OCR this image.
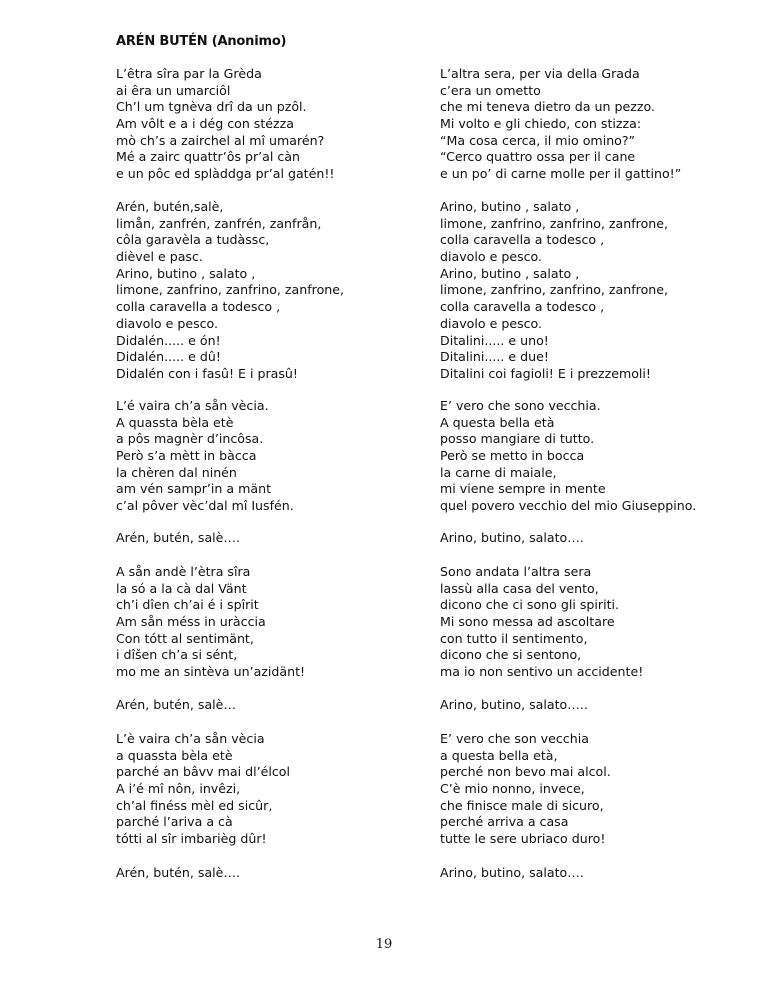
ARÉN BUTÉN (Anonimo)
L’êtra sîra par la Grèda
ai êra un umarciôl
Ch’l um tgnèva drî da un pzôl.
Am vôlt e a i dég con stézza
mò ch’s a zairchel al mî umarén?
Mé a zairc quattr’ôs pr’al càn
e un pôc ed splàddga pr’al gatén!!
Arén, butén,salè,
limån, zanfrén, zanfrén, zanfrån,
côla garavèla a tudàssc,
dièvel e pasc.
Arino, butino , salato ,
limone, zanfrino, zanfrino, zanfrone,
colla caravella a todesco ,
diavolo e pesco.
Didalén..... e ón!
Didalén..... e dû!
Didalén con i fasû! E i prasû!
L’é vaira ch’a sån vècia.
A quassta bèla etè
a pôs magnèr d’incôsa.
Però s’a mètt in bàcca
la chèren dal ninén
am vén sampr’in a mänt
c’al pôver vèc’dal mî Iusfén.
Arén, butén, salè….
A sån andè l’ètra sîra
la só a la cà dal Vänt
ch’i dîen ch’ai é i spîrit
Am sån méss in uràccia
Con tótt al sentimänt,
i dîšen ch’a si sént,
mo me an sintèva un’azidänt!
Arén, butén, salè…
L’è vaira ch’a sån vècia
a quassta bèla etè
parché an bâvv mai dl’élcol
A i’é mî nôn, invêzi,
ch’al finéss mèl ed sicûr,
parché l’ariva a cà
tótti al sîr imbarièg dûr!
Arén, butén, salè….
L’altra sera, per via della Grada
c’era un ometto
che mi teneva dietro da un pezzo.
Mi volto e gli chiedo, con stizza:
“Ma cosa cerca, il mio omino?”
“Cerco quattro ossa per il cane
e un po’ di carne molle per il gattino!”
Arino, butino , salato ,
limone, zanfrino, zanfrino, zanfrone,
colla caravella a todesco ,
diavolo e pesco.
Arino, butino , salato ,
limone, zanfrino, zanfrino, zanfrone,
colla caravella a todesco ,
diavolo e pesco.
Ditalini..... e uno!
Ditalini..... e due!
Ditalini coi fagioli! E i prezzemoli!
E’ vero che sono vecchia.
A questa bella età
posso mangiare di tutto.
Però se metto in bocca
la carne di maiale,
mi viene sempre in mente
quel povero vecchio del mio Giuseppino.
Arino, butino, salato….
Sono andata l’altra sera
lassù alla casa del vento,
dicono che ci sono gli spiriti.
Mi sono messa ad ascoltare
con tutto il sentimento,
dicono che si sentono,
ma io non sentivo un accidente!
Arino, butino, salato…..
E’ vero che son vecchia
a questa bella età,
perché non bevo mai alcol.
C’è mio nonno, invece,
che finisce male di sicuro,
perché arriva a casa
tutte le sere ubriaco duro!
Arino, butino, salato….
19
